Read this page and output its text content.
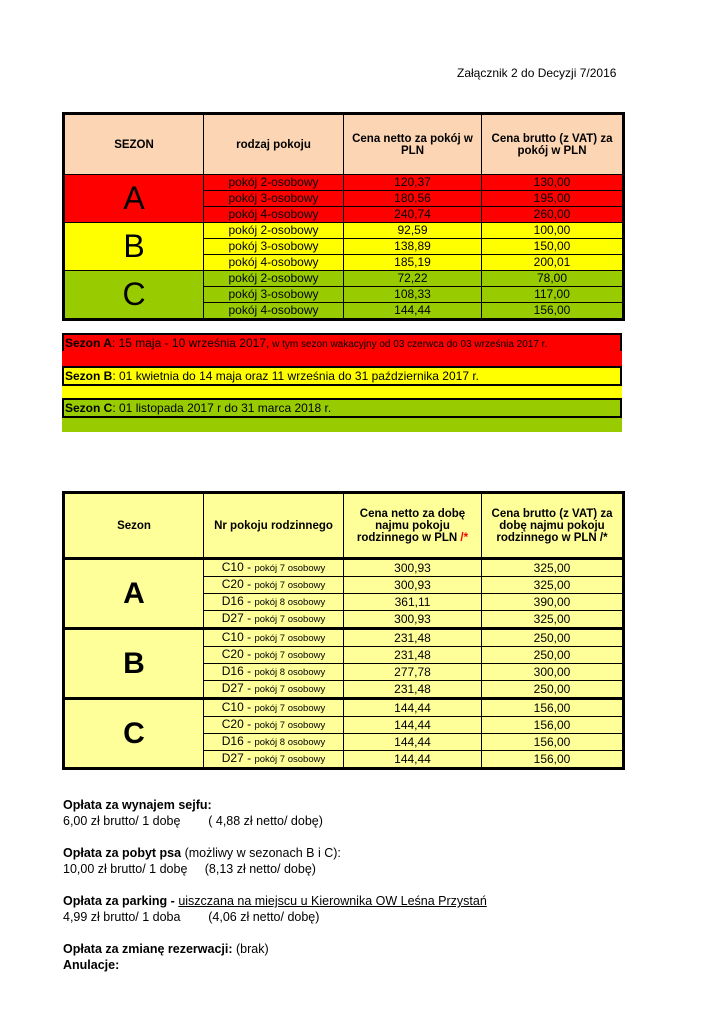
Załącznik 2 do Decyzji 7/2016
SEZON	rodzaj pokoju	Cena netto za pokój w PLN	Cena brutto (z VAT) za pokój w PLN
A	pokój 2-osobowy	120,37	130,00
	pokój 3-osobowy	180,56	195,00
	pokój 4-osobowy	240,74	260,00
B	pokój 2-osobowy	92,59	100,00
	pokój 3-osobowy	138,89	150,00
	pokój 4-osobowy	185,19	200,01
C	pokój 2-osobowy	72,22	78,00
	pokój 3-osobowy	108,33	117,00
	pokój 4-osobowy	144,44	156,00
Sezon A: 15 maja - 10 września 2017, w tym sezon wakacyjny od 03 czerwca do 03 września 2017 r.
Sezon B: 01 kwietnia do 14 maja oraz 11 września do 31 października 2017 r.
Sezon C: 01 listopada 2017 r do 31 marca 2018 r.
Sezon	Nr pokoju rodzinnego	Cena netto za dobę najmu pokoju rodzinnego w PLN /*	Cena brutto (z VAT) za dobę najmu pokoju rodzinnego w PLN /*
A	C10 - pokój 7 osobowy	300,93	325,00
	C20 - pokój 7 osobowy	300,93	325,00
	D16 - pokój 8 osobowy	361,11	390,00
	D27 - pokój 7 osobowy	300,93	325,00
B	C10 - pokój 7 osobowy	231,48	250,00
	C20 - pokój 7 osobowy	231,48	250,00
	D16 - pokój 8 osobowy	277,78	300,00
	D27 - pokój 7 osobowy	231,48	250,00
C	C10 - pokój 7 osobowy	144,44	156,00
	C20 - pokój 7 osobowy	144,44	156,00
	D16 - pokój 8 osobowy	144,44	156,00
	D27 - pokój 7 osobowy	144,44	156,00

Opłata za wynajem sejfu:

6,00 zł brutto/ 1 dobę        ( 4,88 zł netto/ dobę)

Opłata za pobyt psa (możliwy w sezonach B i C):

10,00 zł brutto/ 1 dobę     (8,13 zł netto/ dobę)

Opłata za parking - uiszczana na miejscu u Kierownika OW Leśna Przystań

4,99 zł brutto/ 1 doba        (4,06 zł netto/ dobę)

Opłata za zmianę rezerwacji: (brak)

Anulacje:
